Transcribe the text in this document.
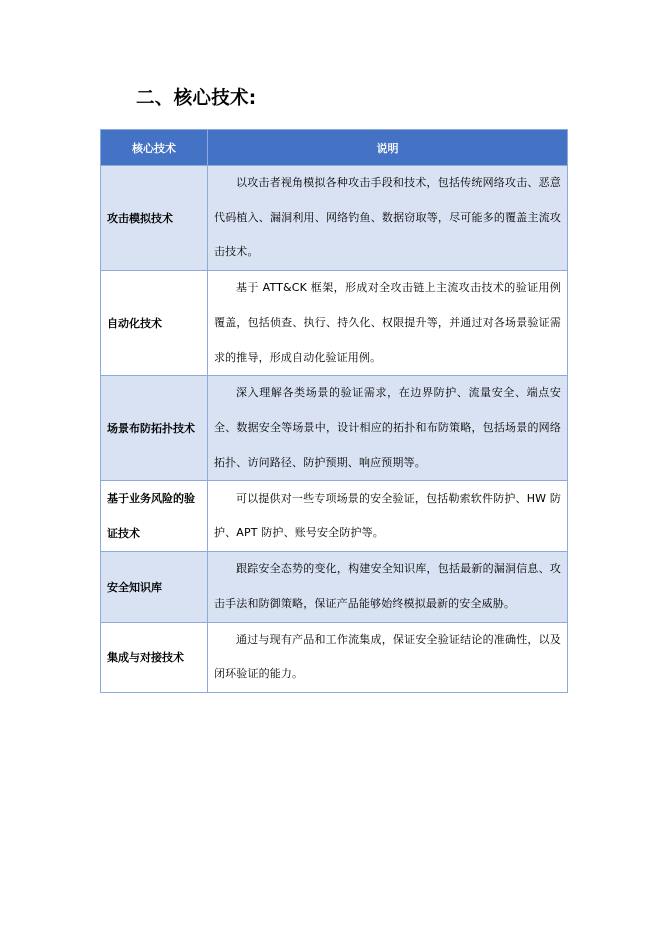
二、核心技术:
核心技术	说明
攻击模拟技术	以攻击者视角模拟各种攻击手段和技术，包括传统网络攻击、恶意代码植入、漏洞利用、网络钓鱼、数据窃取等，尽可能多的覆盖主流攻击技术。
自动化技术	基于 ATT&CK 框架，形成对全攻击链上主流攻击技术的验证用例覆盖，包括侦查、执行、持久化、权限提升等，并通过对各场景验证需求的推导，形成自动化验证用例。
场景布防拓扑技术	深入理解各类场景的验证需求，在边界防护、流量安全、端点安全、数据安全等场景中，设计相应的拓扑和布防策略，包括场景的网络拓扑、访问路径、防护预期、响应预期等。
基于业务风险的验证技术	可以提供对一些专项场景的安全验证，包括勒索软件防护、HW 防护、APT 防护、账号安全防护等。
安全知识库	跟踪安全态势的变化，构建安全知识库，包括最新的漏洞信息、攻击手法和防御策略，保证产品能够始终模拟最新的安全威胁。
集成与对接技术	通过与现有产品和工作流集成，保证安全验证结论的准确性，以及闭环验证的能力。
